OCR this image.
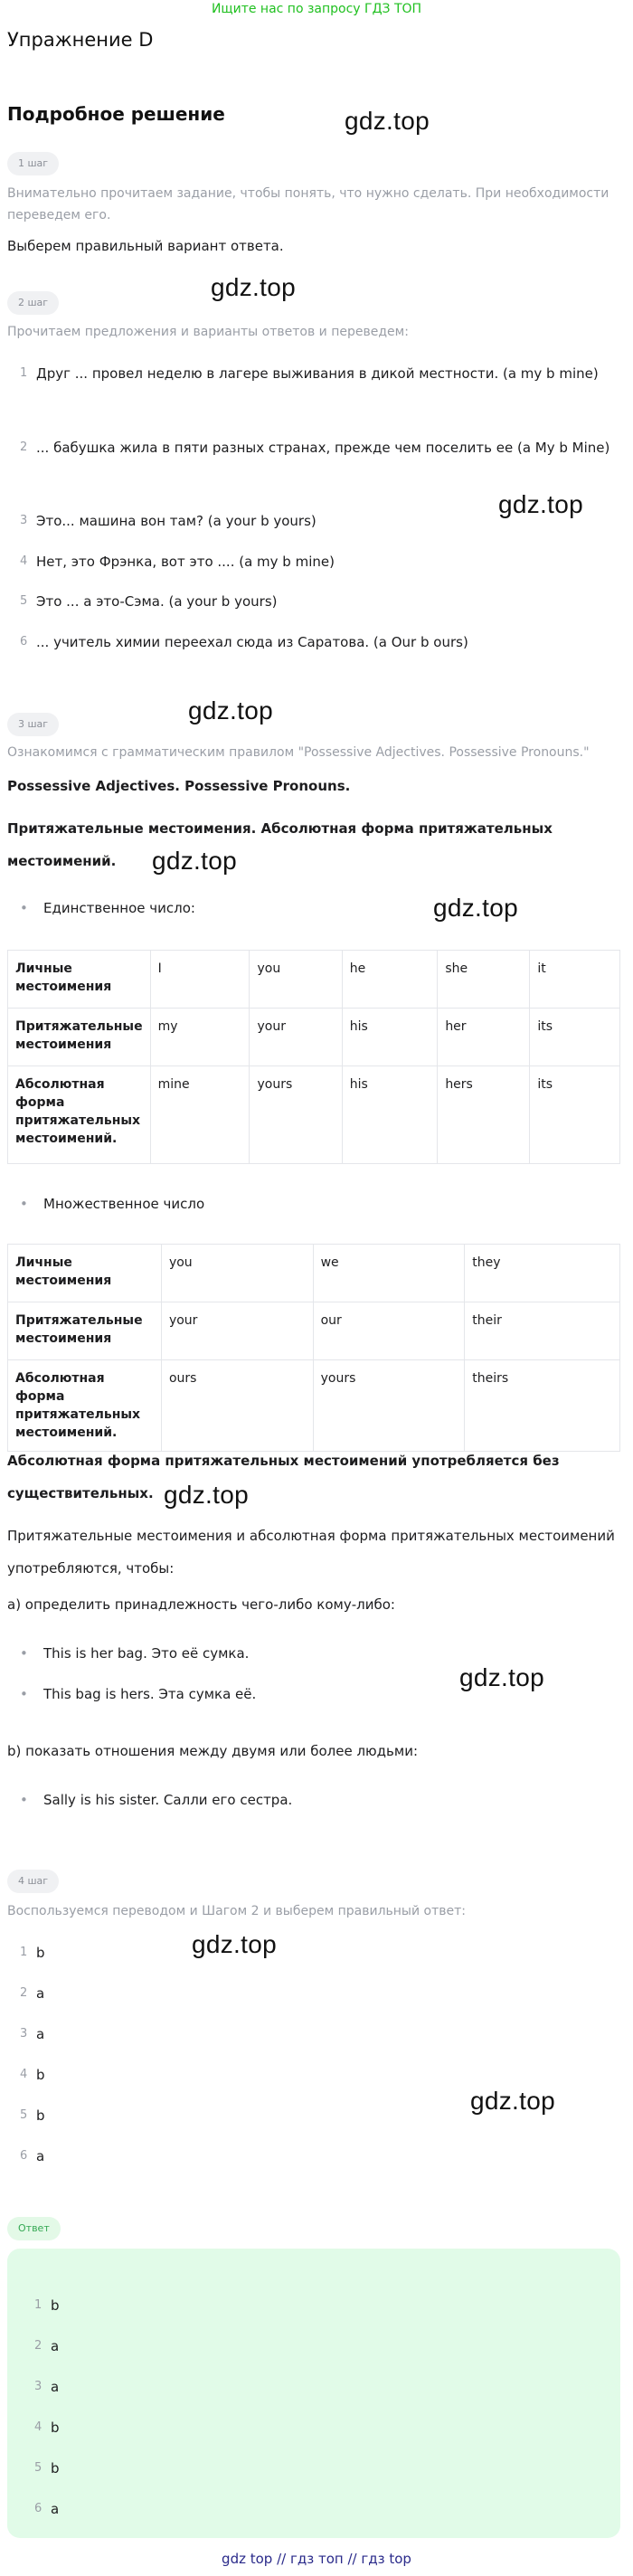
Ищите нас по запросу ГДЗ ТОП
Упражнение D
Подробное решение	gdz.top
gdz.top
gdz.top
gdz.top
gdz.top
gdz.top
gdz.top
gdz.top
gdz.top
gdz.top
1 шаг
Внимательно прочитаем задание, чтобы понять, что нужно сделать. При необходимости переведем его.
Выберем правильный вариант ответа.
2 шаг
Прочитаем предложения и варианты ответов и переведем:
1 Друг ... провел неделю в лагере выживания в дикой местности. (a my b mine)
2 ... бабушка жила в пяти разных странах, прежде чем поселить ее (a My b Mine)
3 Это... машина вон там? (a your b yours)
4 Нет, это Фрэнка, вот это .... (a my b mine)
5 Это ... а это-Сэма. (a your b yours)
6 ... учитель химии переехал сюда из Саратова. (a Our b ours)
3 шаг
Ознакомимся с грамматическим правилом "Possessive Adjectives. Possessive Pronouns."
Possessive Adjectives. Possessive Pronouns.
Притяжательные местоимения. Абсолютная форма притяжательных местоимений.
• Единственное число:
Личные местоимения	I	you	he	she	it
Притяжательные местоимения	my	your	his	her	its
Абсолютная форма притяжательных местоимений.	mine	yours	his	hers	its
• Множественное число
Личные местоимения	you	we	they
Притяжательные местоимения	your	our	their
Абсолютная форма притяжательных местоимений.	ours	yours	theirs
Абсолютная форма притяжательных местоимений употребляется без существительных.
Притяжательные местоимения и абсолютная форма притяжательных местоимений употребляются, чтобы:
а) определить принадлежность чего-либо кому-либо:
• This is her bag. Это её сумка.
• This bag is hers. Эта сумка её.
b) показать отношения между двумя или более людьми:
• Sally is his sister. Салли его сестра.
4 шаг
Воспользуемся переводом и Шагом 2 и выберем правильный ответ:
1 b
2 a
3 a
4 b
5 b
6 a
Ответ
1 b
2 a
3 a
4 b
5 b
6 a
gdz top // гдз топ // гдз top
